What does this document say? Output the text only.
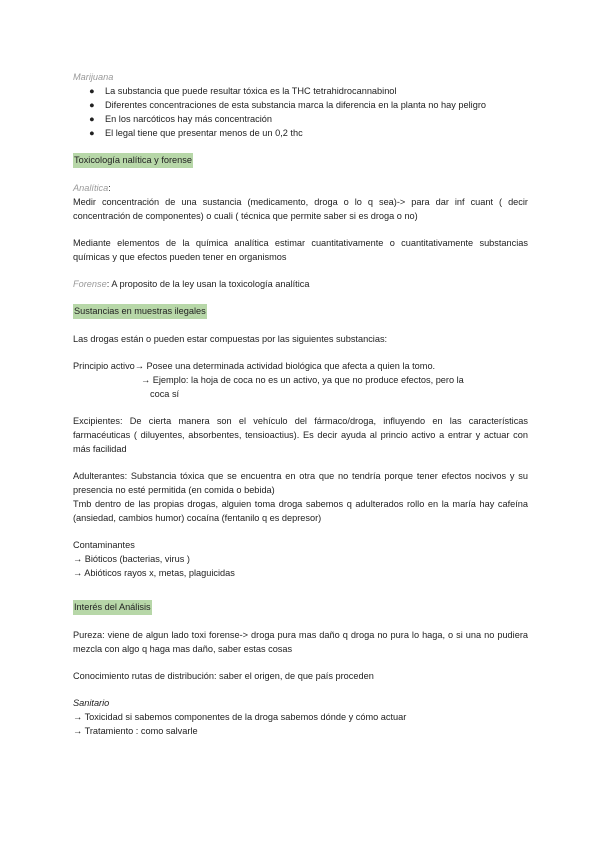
Marijuana

● La substancia que puede resultar tóxica es la THC tetrahidrocannabinol
● Diferentes concentraciones de esta substancia marca la diferencia en la planta no hay peligro
● En los narcóticos hay más concentración
● El legal tiene que presentar menos de un 0,2 thc

Toxicología nalítica y forense

Analítica:

Medir concentración de una sustancia (medicamento, droga o lo q sea)-> para dar inf cuant ( decir concentración de componentes) o cuali ( técnica que permite saber si es droga o no)

Mediante elementos de la química analítica estimar cuantitativamente o cuantitativamente substancias químicas y que efectos pueden tener en organismos

Forense: A proposito de la ley usan la toxicología analítica

Sustancias en muestras ilegales

Las drogas están o pueden estar compuestas por las siguientes substancias:

Principio activo→ Posee una determinada actividad biológica que afecta a quien la tomo.

→ Ejemplo: la hoja de coca no es un activo, ya que no produce efectos, pero la

coca sí

Excipientes: De cierta manera son el vehículo del fármaco/droga, influyendo en las características farmacéuticas ( diluyentes, absorbentes, tensioactius). Es decir ayuda al princio activo a entrar y actuar con más facilidad

Adulterantes: Substancia tóxica que se encuentra en otra que no tendría porque tener efectos nocivos y su presencia no esté permitida (en comida o bebida)

Tmb dentro de las propias drogas, alguien toma droga sabemos q adulterados rollo en la maría hay cafeína (ansiedad, cambios humor) cocaína (fentanilo q es depresor)

Contaminantes

→ Bióticos (bacterias, virus )

→ Abióticos rayos x, metas, plaguicidas

Interés del Análisis

Pureza: viene de algun lado toxi forense-> droga pura mas daño q droga no pura lo haga, o si una no pudiera mezcla con algo q haga mas daño, saber estas cosas

Conocimiento rutas de distribución: saber el origen, de que país proceden

Sanitario

→ Toxicidad si sabemos componentes de la droga sabemos dónde y cómo actuar

→ Tratamiento : como salvarle
